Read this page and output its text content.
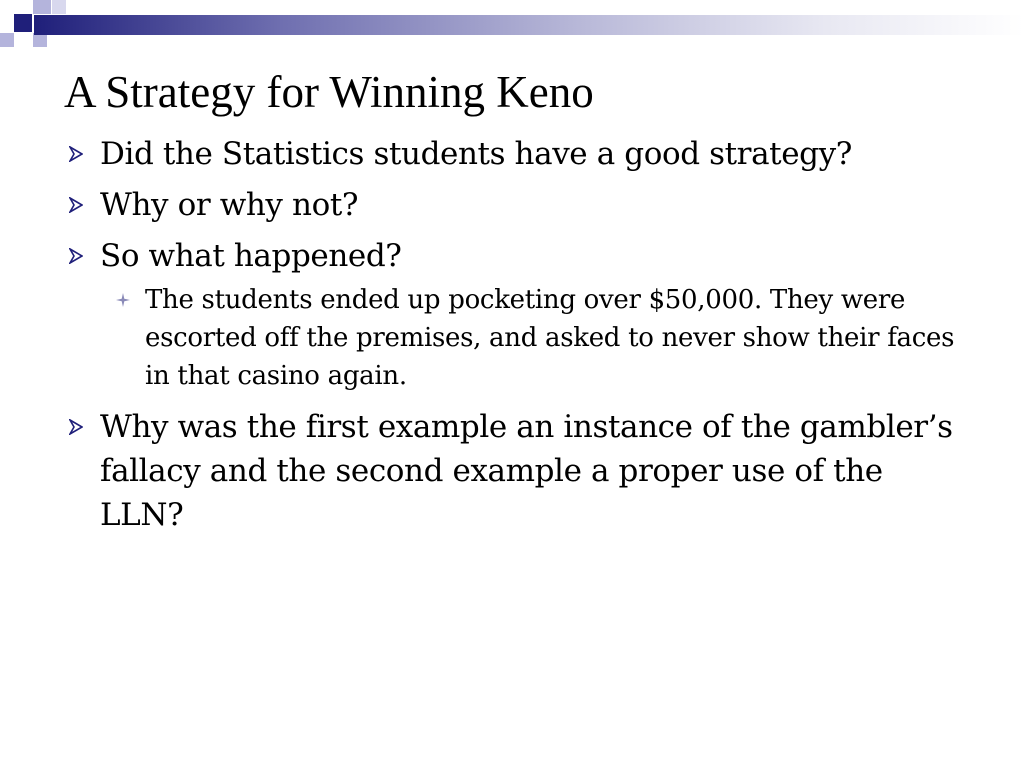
A Strategy for Winning Keno
Did the Statistics students have a good strategy?
Why or why not?
So what happened?
The students ended up pocketing over $50,000. They were escorted off the premises, and asked to never show their faces in that casino again.
Why was the first example an instance of the gambler’s fallacy and the second example a proper use of the LLN?
